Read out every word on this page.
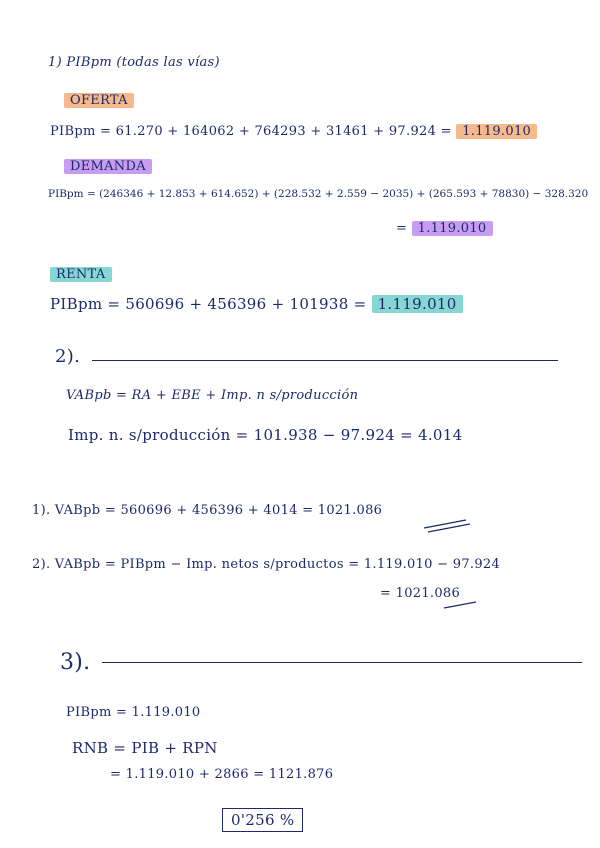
1) PIBpm (todas las vías)
OFERTA
PIBpm = 61.270 + 164062 + 764293 + 31461 + 97.924 = 1.119.010
DEMANDA
PIBpm = (246346 + 12.853 + 614.652) + (228.532 + 2.559 − 2035) + (265.593 + 78830) − 328.320
= 1.119.010
RENTA
PIBpm = 560696 + 456396 + 101938 = 1.119.010
2).
VABpb = RA + EBE + Imp. n s/producción
Imp. n. s/producción = 101.938 − 97.924 = 4.014
1). VABpb = 560696 + 456396 + 4014 = 1021.086
2). VABpb = PIBpm − Imp. netos s/productos = 1.119.010 − 97.924
= 1021.086
3).
PIBpm = 1.119.010
RNB = PIB + RPN
= 1.119.010 + 2866 = 1121.876
0'256 %
